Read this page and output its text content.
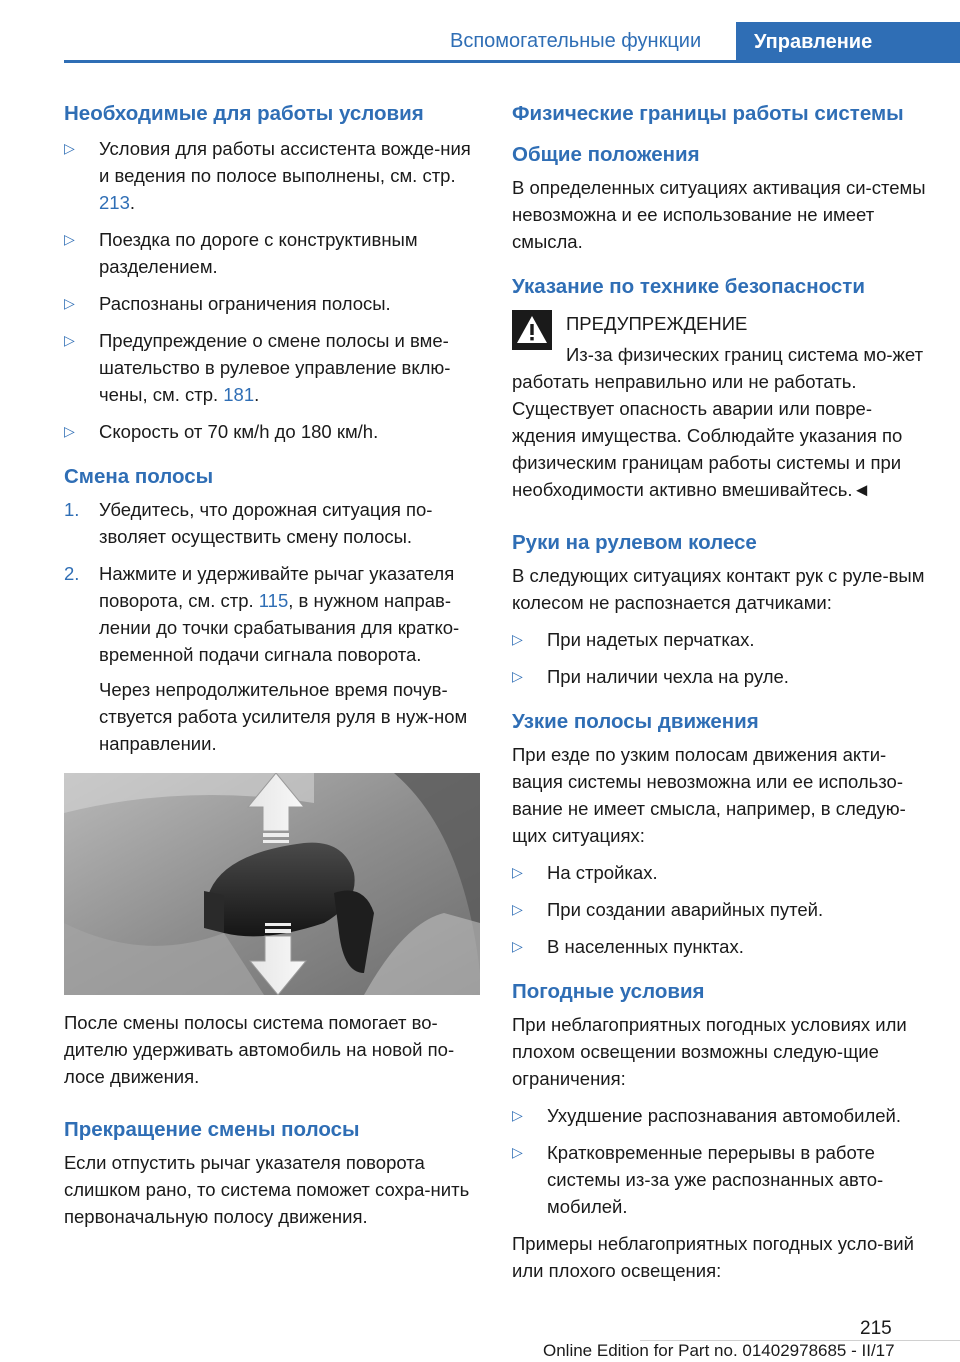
Вспомогательные функции	Управление
Необходимые для работы условия
▷ Условия для работы ассистента вожде-ния и ведения по полосе выполнены, см. стр. 213.
▷ Поездка по дороге с конструктивным разделением.
▷ Распознаны ограничения полосы.
▷ Предупреждение о смене полосы и вме-шательство в рулевое управление вклю-чены, см. стр. 181.
▷ Скорость от 70 км/h до 180 км/h.
Смена полосы
1. Убедитесь, что дорожная ситуация по-зволяет осуществить смену полосы.
2. Нажмите и удерживайте рычаг указателя поворота, см. стр. 115, в нужном направ-лении до точки срабатывания для кратко-временной подачи сигнала поворота.
Через непродолжительное время почув-ствуется работа усилителя руля в нуж-ном направлении.

После смены полосы система помогает во-дителю удерживать автомобиль на новой по-лосе движения.

Прекращение смены полосы

Если отпустить рычаг указателя поворота слишком рано, то система поможет сохра-нить первоначальную полосу движения.

Физические границы работы системы
Общие положения

В определенных ситуациях активация си-стемы невозможна и ее использование не имеет смысла.

Указание по технике безопасности
ПРЕДУПРЕЖДЕНИЕ
Из-за физических границ система мо-жет работать неправильно или не работать. Существует опасность аварии или повре-ждения имущества. Соблюдайте указания по физическим границам работы системы и при необходимости активно вмешивайтесь.◄
Руки на рулевом колесе

В следующих ситуациях контакт рук с руле-вым колесом не распознается датчиками:

▷ При надетых перчатках.
▷ При наличии чехла на руле.
Узкие полосы движения

При езде по узким полосам движения акти-вация системы невозможна или ее использо-вание не имеет смысла, например, в следую-щих ситуациях:

▷ На стройках.
▷ При создании аварийных путей.
▷ В населенных пунктах.
Погодные условия

При неблагоприятных погодных условиях или плохом освещении возможны следую-щие ограничения:

▷ Ухудшение распознавания автомобилей.
▷ Кратковременные перерывы в работе системы из-за уже распознанных авто-мобилей.

Примеры неблагоприятных погодных усло-вий или плохого освещения:

215
Online Edition for Part no. 01402978685 - II/17
